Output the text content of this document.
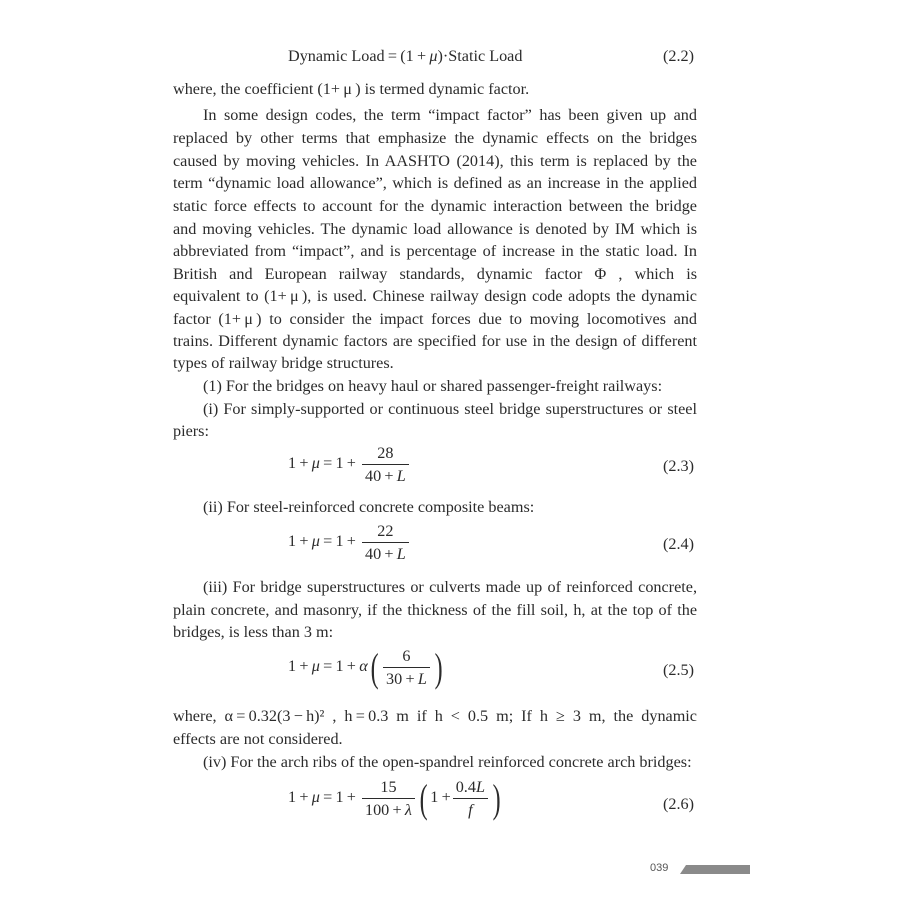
Dynamic Load = (1 + μ)·Static Load	(2.2)
where, the coefficient (1+ μ ) is termed dynamic factor.
In some design codes, the term “impact factor” has been given up and
replaced by other terms that emphasize the dynamic effects on the bridges
caused by moving vehicles. In AASHTO (2014), this term is replaced by the
term “dynamic load allowance”, which is defined as an increase in the applied
static force effects to account for the dynamic interaction between the bridge
and moving vehicles. The dynamic load allowance is denoted by IM which is
abbreviated from “impact”, and is percentage of increase in the static load. In
British and European railway standards, dynamic factor Φ , which is
equivalent to (1+ μ ), is used. Chinese railway design code adopts the dynamic
factor (1+ μ ) to consider the impact forces due to moving locomotives and
trains. Different dynamic factors are specified for use in the design of different
types of railway bridge structures.
(1) For the bridges on heavy haul or shared passenger-freight railways:
(i) For simply-supported or continuous steel bridge superstructures or steel
piers:
$1 + \mu = 1 + \frac{28}{40 + L}$	(2.3)
(ii) For steel-reinforced concrete composite beams:
$1 + \mu = 1 + \frac{22}{40 + L}$	(2.4)
(iii) For bridge superstructures or culverts made up of reinforced concrete,
plain concrete, and masonry, if the thickness of the fill soil, h, at the top of the
bridges, is less than 3 m:
$1 + \mu = 1 + \alpha( \frac{6}{30 + L}$ )	(2.5)
where, α = 0.32(3 − h)² , h = 0.3 m if h < 0.5 m; If h ≥ 3 m, the dynamic
effects are not considered.
(iv) For the arch ribs of the open-spandrel reinforced concrete arch bridges:
$1 + \mu = 1 + \frac{15}{100 + \lambda}$ ( $1 + \frac{0.4L}{f}$ )	(2.6)
039
